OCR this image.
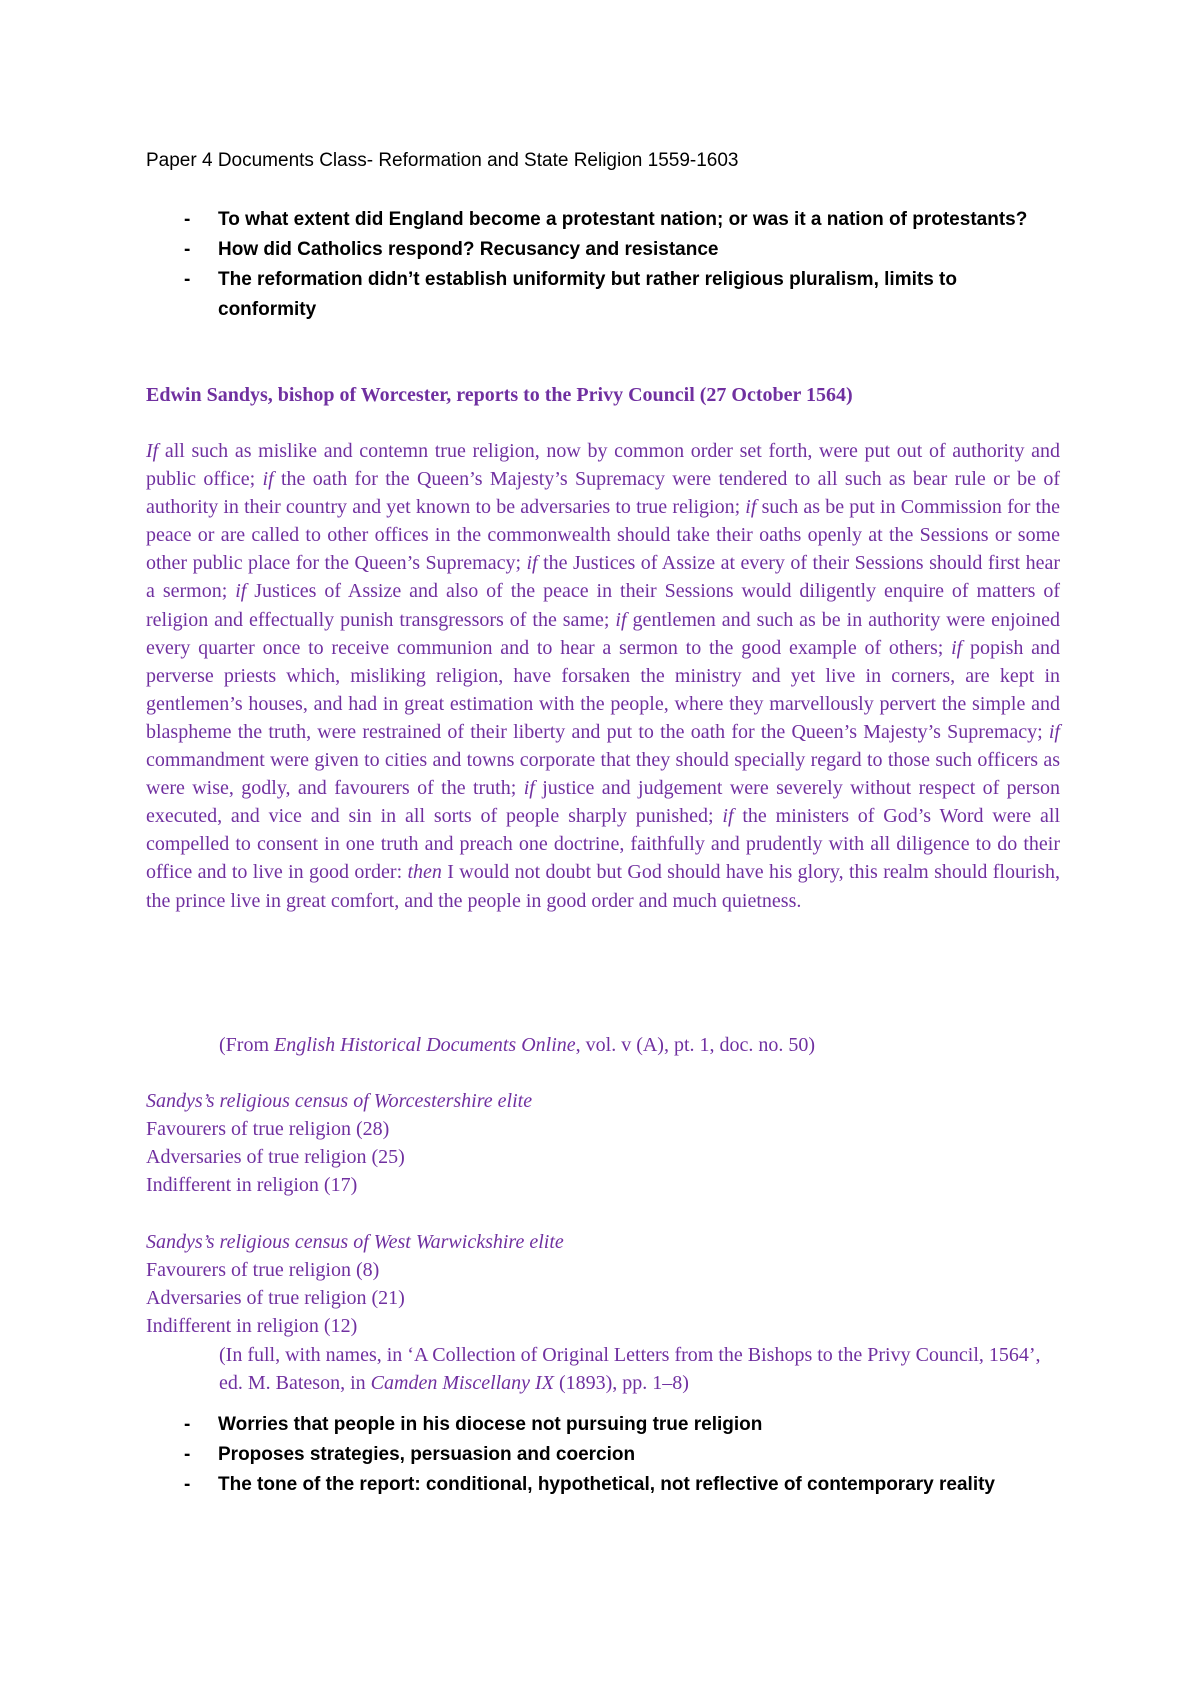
Paper 4 Documents Class- Reformation and State Religion 1559-1603
- To what extent did England become a protestant nation; or was it a nation of protestants?
- How did Catholics respond? Recusancy and resistance
- The reformation didn’t establish uniformity but rather religious pluralism, limits to conformity
Edwin Sandys, bishop of Worcester, reports to the Privy Council (27 October 1564)

If all such as mislike and contemn true religion, now by common order set forth, were put out of authority and public office; if the oath for the Queen’s Majesty’s Supremacy were tendered to all such as bear rule or be of authority in their country and yet known to be adversaries to true religion; if such as be put in Commission for the peace or are called to other offices in the commonwealth should take their oaths openly at the Sessions or some other public place for the Queen’s Supremacy; if the Justices of Assize at every of their Sessions should first hear a sermon; if Justices of Assize and also of the peace in their Sessions would diligently enquire of matters of religion and effectually punish transgressors of the same; if gentlemen and such as be in authority were enjoined every quarter once to receive communion and to hear a sermon to the good example of others; if popish and perverse priests which, misliking religion, have forsaken the ministry and yet live in corners, are kept in gentlemen’s houses, and had in great estimation with the people, where they marvellously pervert the simple and blaspheme the truth, were restrained of their liberty and put to the oath for the Queen’s Majesty’s Supremacy; if commandment were given to cities and towns corporate that they should specially regard to those such officers as were wise, godly, and favourers of the truth; if justice and judgement were severely without respect of person executed, and vice and sin in all sorts of people sharply punished; if the ministers of God’s Word were all compelled to consent in one truth and preach one doctrine, faithfully and prudently with all diligence to do their office and to live in good order: then I would not doubt but God should have his glory, this realm should flourish, the prince live in great comfort, and the people in good order and much quietness.

(From English Historical Documents Online, vol. v (A), pt. 1, doc. no. 50)
Sandys’s religious census of Worcestershire elite
Favourers of true religion (28)
Adversaries of true religion (25)
Indifferent in religion (17)
Sandys’s religious census of West Warwickshire elite
Favourers of true religion (8)
Adversaries of true religion (21)
Indifferent in religion (12)
(In full, with names, in ‘A Collection of Original Letters from the Bishops to the Privy Council, 1564’, ed. M. Bateson, in Camden Miscellany IX (1893), pp. 1–8)
- Worries that people in his diocese not pursuing true religion
- Proposes strategies, persuasion and coercion
- The tone of the report: conditional, hypothetical, not reflective of contemporary reality
